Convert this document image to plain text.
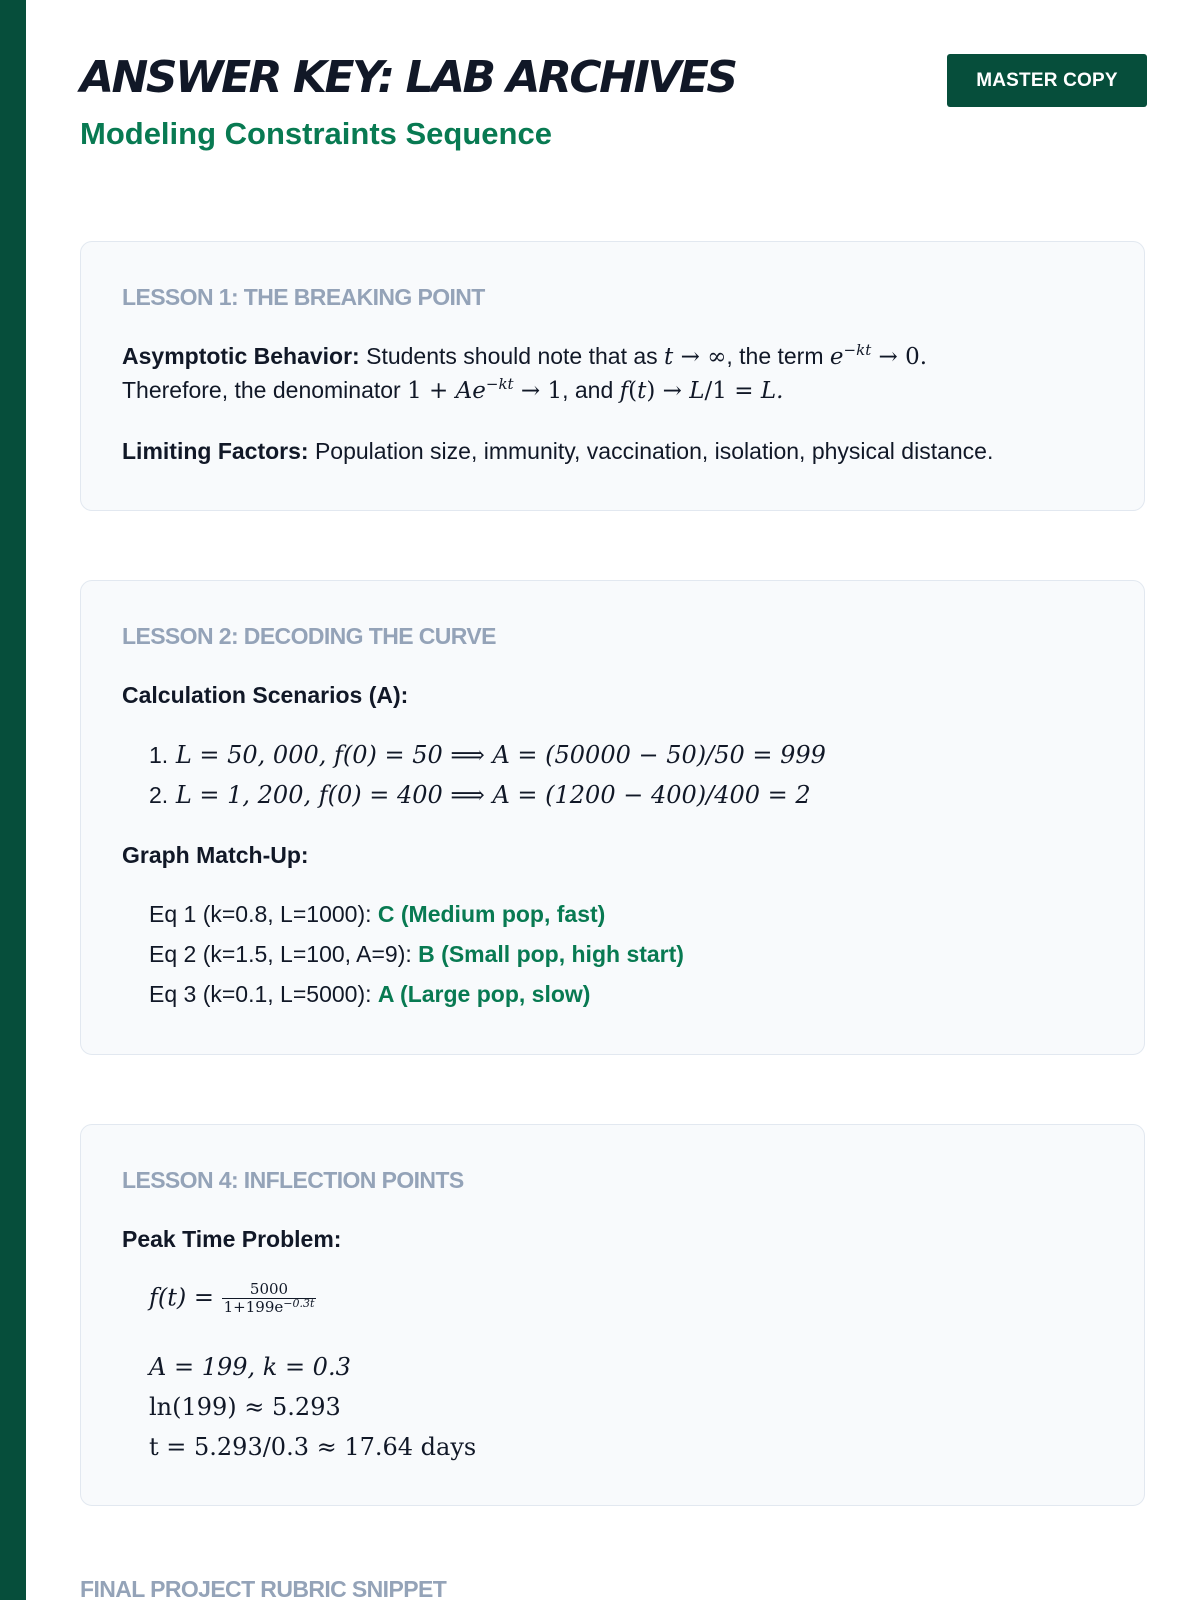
ANSWER KEY: LAB ARCHIVES
Modeling Constraints Sequence
MASTER COPY
LESSON 1: THE BREAKING POINT
Asymptotic Behavior: Students should note that as t → ∞, the term $e^{-kt} \to 0$.
Therefore, the denominator $1 + Ae^{-kt} \to 1$, and f(t) → L/1 = L.
Limiting Factors: Population size, immunity, vaccination, isolation, physical distance.
LESSON 2: DECODING THE CURVE
Calculation Scenarios (A):
1. L = 50, 000, f(0) = 50 ⟹ A = (50000 − 50)/50 = 999
2. L = 1, 200, f(0) = 400 ⟹ A = (1200 − 400)/400 = 2
Graph Match-Up:
Eq 1 (k=0.8, L=1000): C (Medium pop, fast)
Eq 2 (k=1.5, L=100, A=9): B (Small pop, high start)
Eq 3 (k=0.1, L=5000): A (Large pop, slow)
LESSON 4: INFLECTION POINTS
Peak Time Problem:
$f(t) = \frac{5000}{1+199e^{-0.3t}}$
A = 199, k = 0.3
ln(199) ≈ 5.293
t = 5.293/0.3 ≈ 17.64 days
FINAL PROJECT RUBRIC SNIPPET
